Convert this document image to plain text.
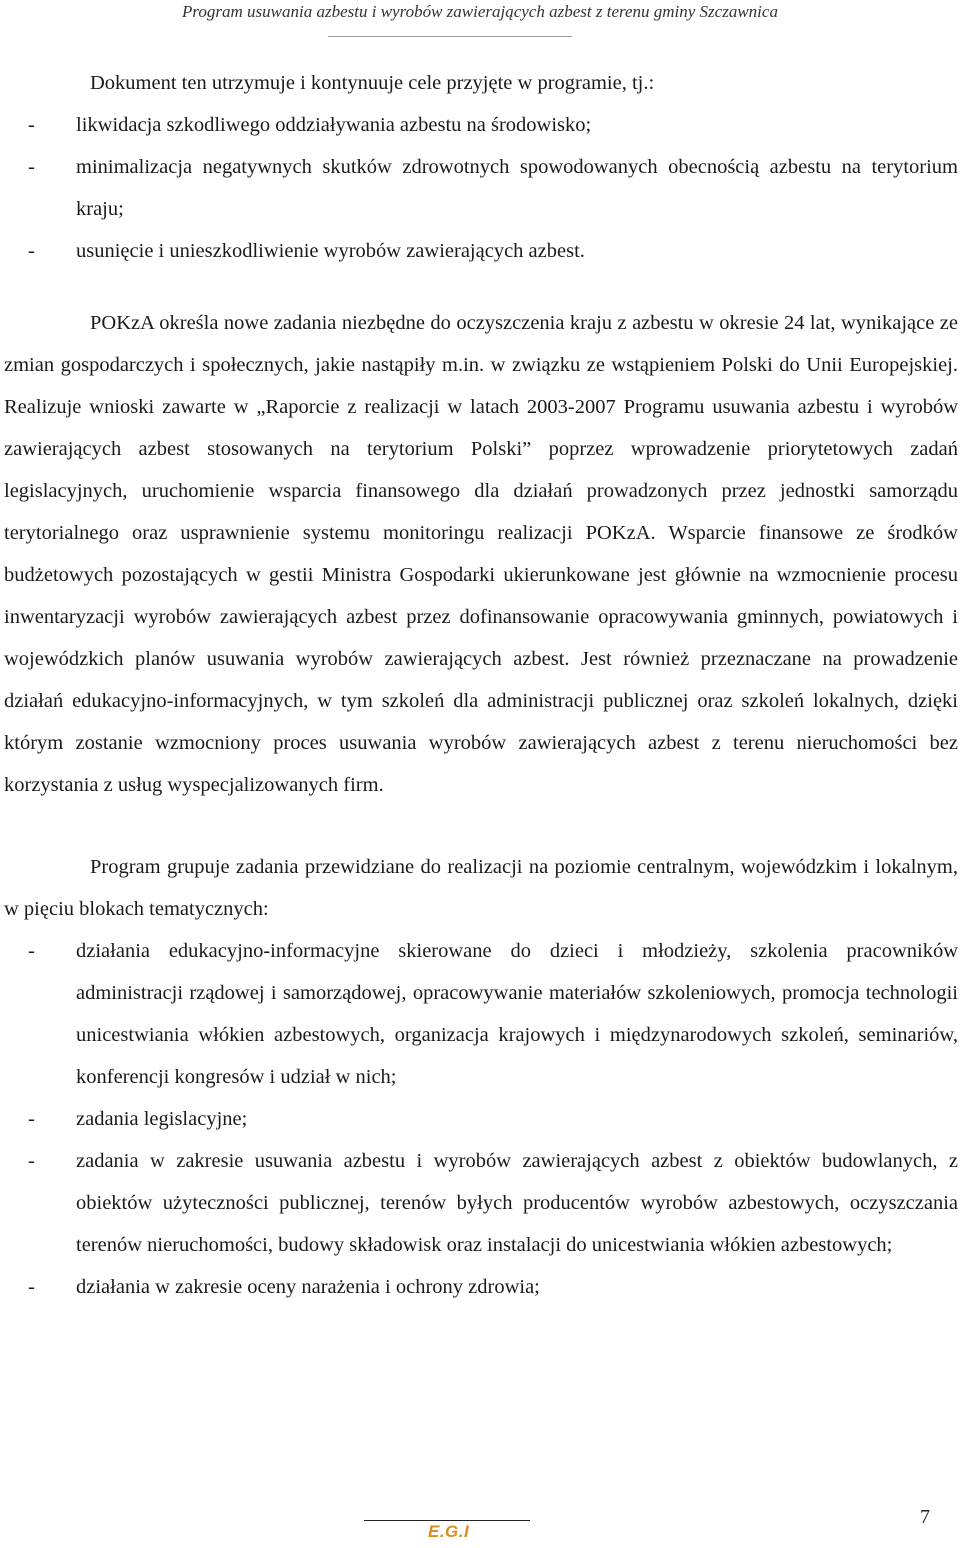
Program usuwania azbestu i wyrobów zawierających azbest z terenu gminy Szczawnica

Dokument ten utrzymuje i kontynuuje cele przyjęte w programie, tj.:

- likwidacja szkodliwego oddziaływania azbestu na środowisko;
- minimalizacja negatywnych skutków zdrowotnych spowodowanych obecnością azbestu na terytorium kraju;
- usunięcie i unieszkodliwienie wyrobów zawierających azbest.

POKzA określa nowe zadania niezbędne do oczyszczenia kraju z azbestu w okresie 24 lat, wynikające ze zmian gospodarczych i społecznych, jakie nastąpiły m.in. w związku ze wstąpieniem Polski do Unii Europejskiej. Realizuje wnioski zawarte w „Raporcie z realizacji w latach 2003-2007 Programu usuwania azbestu i wyrobów zawierających azbest stosowanych na terytorium Polski” poprzez wprowadzenie priorytetowych zadań legislacyjnych, uruchomienie wsparcia finansowego dla działań prowadzonych przez jednostki samorządu terytorialnego oraz usprawnienie systemu monitoringu realizacji POKzA. Wsparcie finansowe ze środków budżetowych pozostających w gestii Ministra Gospodarki ukierunkowane jest głównie na wzmocnienie procesu inwentaryzacji wyrobów zawierających azbest przez dofinansowanie opracowywania gminnych, powiatowych i wojewódzkich planów usuwania wyrobów zawierających azbest. Jest również przeznaczane na prowadzenie działań edukacyjno-informacyjnych, w tym szkoleń dla administracji publicznej oraz szkoleń lokalnych, dzięki którym zostanie wzmocniony proces usuwania wyrobów zawierających azbest z terenu nieruchomości bez korzystania z usług wyspecjalizowanych firm.

Program grupuje zadania przewidziane do realizacji na poziomie centralnym, wojewódzkim i lokalnym, w pięciu blokach tematycznych:

- działania edukacyjno-informacyjne skierowane do dzieci i młodzieży, szkolenia pracowników administracji rządowej i samorządowej, opracowywanie materiałów szkoleniowych, promocja technologii unicestwiania włókien azbestowych, organizacja krajowych i międzynarodowych szkoleń, seminariów, konferencji kongresów i udział w nich;
- zadania legislacyjne;
- zadania w zakresie usuwania azbestu i wyrobów zawierających azbest z obiektów budowlanych, z obiektów użyteczności publicznej, terenów byłych producentów wyrobów azbestowych, oczyszczania terenów nieruchomości, budowy składowisk oraz instalacji do unicestwiania włókien azbestowych;
- działania w zakresie oceny narażenia i ochrony zdrowia;
E.G.I
7
